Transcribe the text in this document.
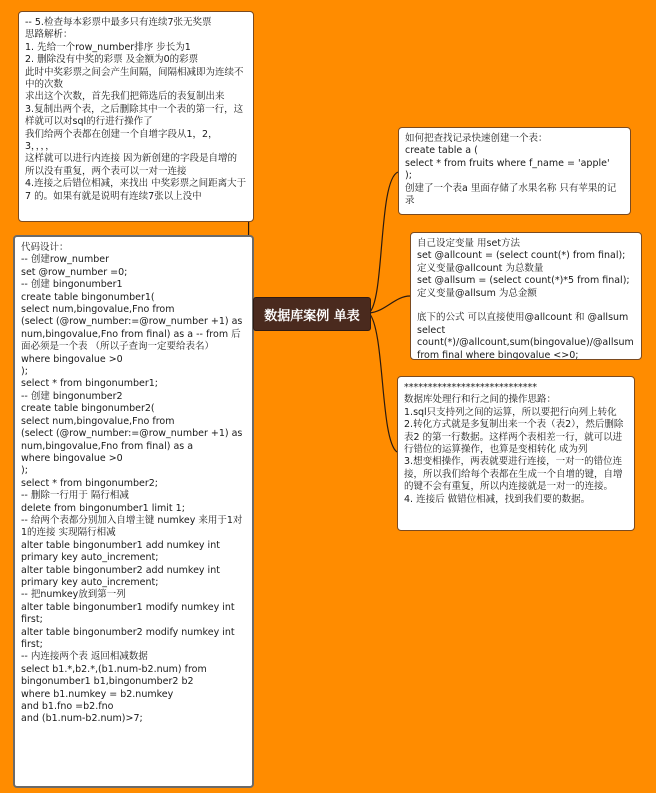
-- 5.检查每本彩票中最多只有连续7张无奖票
思路解析：
1. 先给一个row_number排序 步长为1
2. 删除没有中奖的彩票 及金额为0的彩票
此时中奖彩票之间会产生间隔，间隔相减即为连续不中的次数
求出这个次数，首先我们把筛选后的表复制出来
3.复制出两个表，之后删除其中一个表的第一行，这样就可以对sql的行进行操作了
我们给两个表都在创建一个自增字段从1，2，3，，，，
这样就可以进行内连接 因为新创建的字段是自增的 所以没有重复，两个表可以一对一连接
4.连接之后错位相减，来找出 中奖彩票之间距离大于7 的。如果有就是说明有连续7张以上没中
代码设计：
-- 创建row_number
set @row_number =0;
-- 创建 bingonumber1
create table bingonumber1(
select num,bingovalue,Fno from
(select (@row_number:=@row_number +1) as num,bingovalue,Fno from final) as a -- from 后面必须是一个表 （所以子查询一定要给表名）
where bingovalue >0
);
select * from bingonumber1;
-- 创建 bingonumber2
create table bingonumber2(
select num,bingovalue,Fno from
(select (@row_number:=@row_number +1) as num,bingovalue,Fno from final) as a
where bingovalue >0
);
select * from bingonumber2;
-- 删除一行用于 隔行相减
delete from bingonumber1 limit 1;
-- 给两个表都分别加入自增主键 numkey 来用于1对1的连接 实现隔行相减
alter table bingonumber1 add numkey int primary key auto_increment;
alter table bingonumber2 add numkey int primary key auto_increment;
-- 把numkey放到第一列
alter table bingonumber1 modify numkey int first;
alter table bingonumber2 modify numkey int first;
-- 内连接两个表 返回相减数据
select b1.*,b2.*,(b1.num-b2.num) from
bingonumber1 b1,bingonumber2 b2
where b1.numkey = b2.numkey
and b1.fno =b2.fno
and (b1.num-b2.num)>7;
数据库案例 单表
如何把查找记录快速创建一个表：
create table a (
select * from fruits where f_name = 'apple'
);
创建了一个表a 里面存储了水果名称 只有苹果的记录
自己设定变量 用set方法
set @allcount = (select count(*) from final);
定义变量@allcount 为总数量
set @allsum = (select count(*)*5 from final);
定义变量@allsum 为总金额

底下的公式 可以直接使用@allcount 和 @allsum
select count(*)/@allcount,sum(bingovalue)/@allsum from final where bingovalue <>0;
****************************
数据库处理行和行之间的操作思路：
1.sql只支持列之间的运算，所以要把行向列上转化
2.转化方式就是多复制出来一个表（表2），然后删除表2 的第一行数据。这样两个表相差一行，就可以进行错位的运算操作，也算是变相转化 成为列
3.想变相操作，两表就要进行连接，一对一的错位连接，所以我们给每个表都在生成一个自增的键，自增的键不会有重复，所以内连接就是一对一的连接。
4. 连接后 做错位相减，找到我们要的数据。
